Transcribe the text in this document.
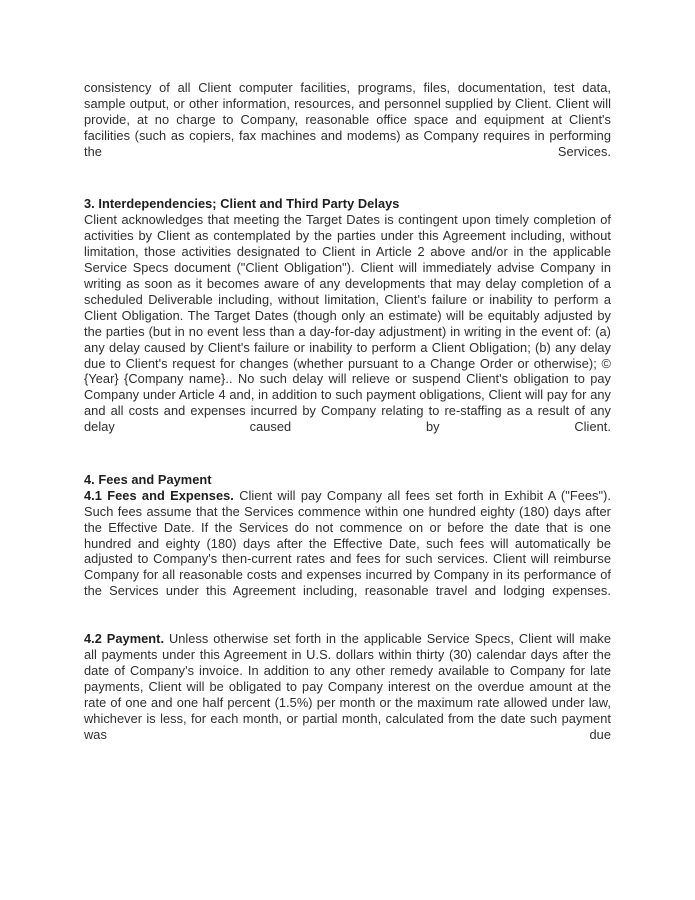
consistency of all Client computer facilities, programs, files, documentation, test data, sample output, or other information, resources, and personnel supplied by Client. Client will provide, at no charge to Company, reasonable office space and equipment at Client's facilities (such as copiers, fax machines and modems) as Company requires in performing the Services.

3. Interdependencies; Client and Third Party Delays

Client acknowledges that meeting the Target Dates is contingent upon timely completion of activities by Client as contemplated by the parties under this Agreement including, without limitation, those activities designated to Client in Article 2 above and/or in the applicable Service Specs document ("Client Obligation"). Client will immediately advise Company in writing as soon as it becomes aware of any developments that may delay completion of a scheduled Deliverable including, without limitation, Client's failure or inability to perform a Client Obligation. The Target Dates (though only an estimate) will be equitably adjusted by the parties (but in no event less than a day-for-day adjustment) in writing in the event of: (a) any delay caused by Client's failure or inability to perform a Client Obligation; (b) any delay due to Client's request for changes (whether pursuant to a Change Order or otherwise); © {Year} {Company name}.. No such delay will relieve or suspend Client's obligation to pay Company under Article 4 and, in addition to such payment obligations, Client will pay for any and all costs and expenses incurred by Company relating to re-staffing as a result of any delay caused by Client.

4. Fees and Payment

4.1 Fees and Expenses. Client will pay Company all fees set forth in Exhibit A ("Fees"). Such fees assume that the Services commence within one hundred eighty (180) days after the Effective Date. If the Services do not commence on or before the date that is one hundred and eighty (180) days after the Effective Date, such fees will automatically be adjusted to Company's then-current rates and fees for such services. Client will reimburse Company for all reasonable costs and expenses incurred by Company in its performance of the Services under this Agreement including, reasonable travel and lodging expenses.

4.2 Payment. Unless otherwise set forth in the applicable Service Specs, Client will make all payments under this Agreement in U.S. dollars within thirty (30) calendar days after the date of Company's invoice. In addition to any other remedy available to Company for late payments, Client will be obligated to pay Company interest on the overdue amount at the rate of one and one half percent (1.5%) per month or the maximum rate allowed under law, whichever is less, for each month, or partial month, calculated from the date such payment was due
